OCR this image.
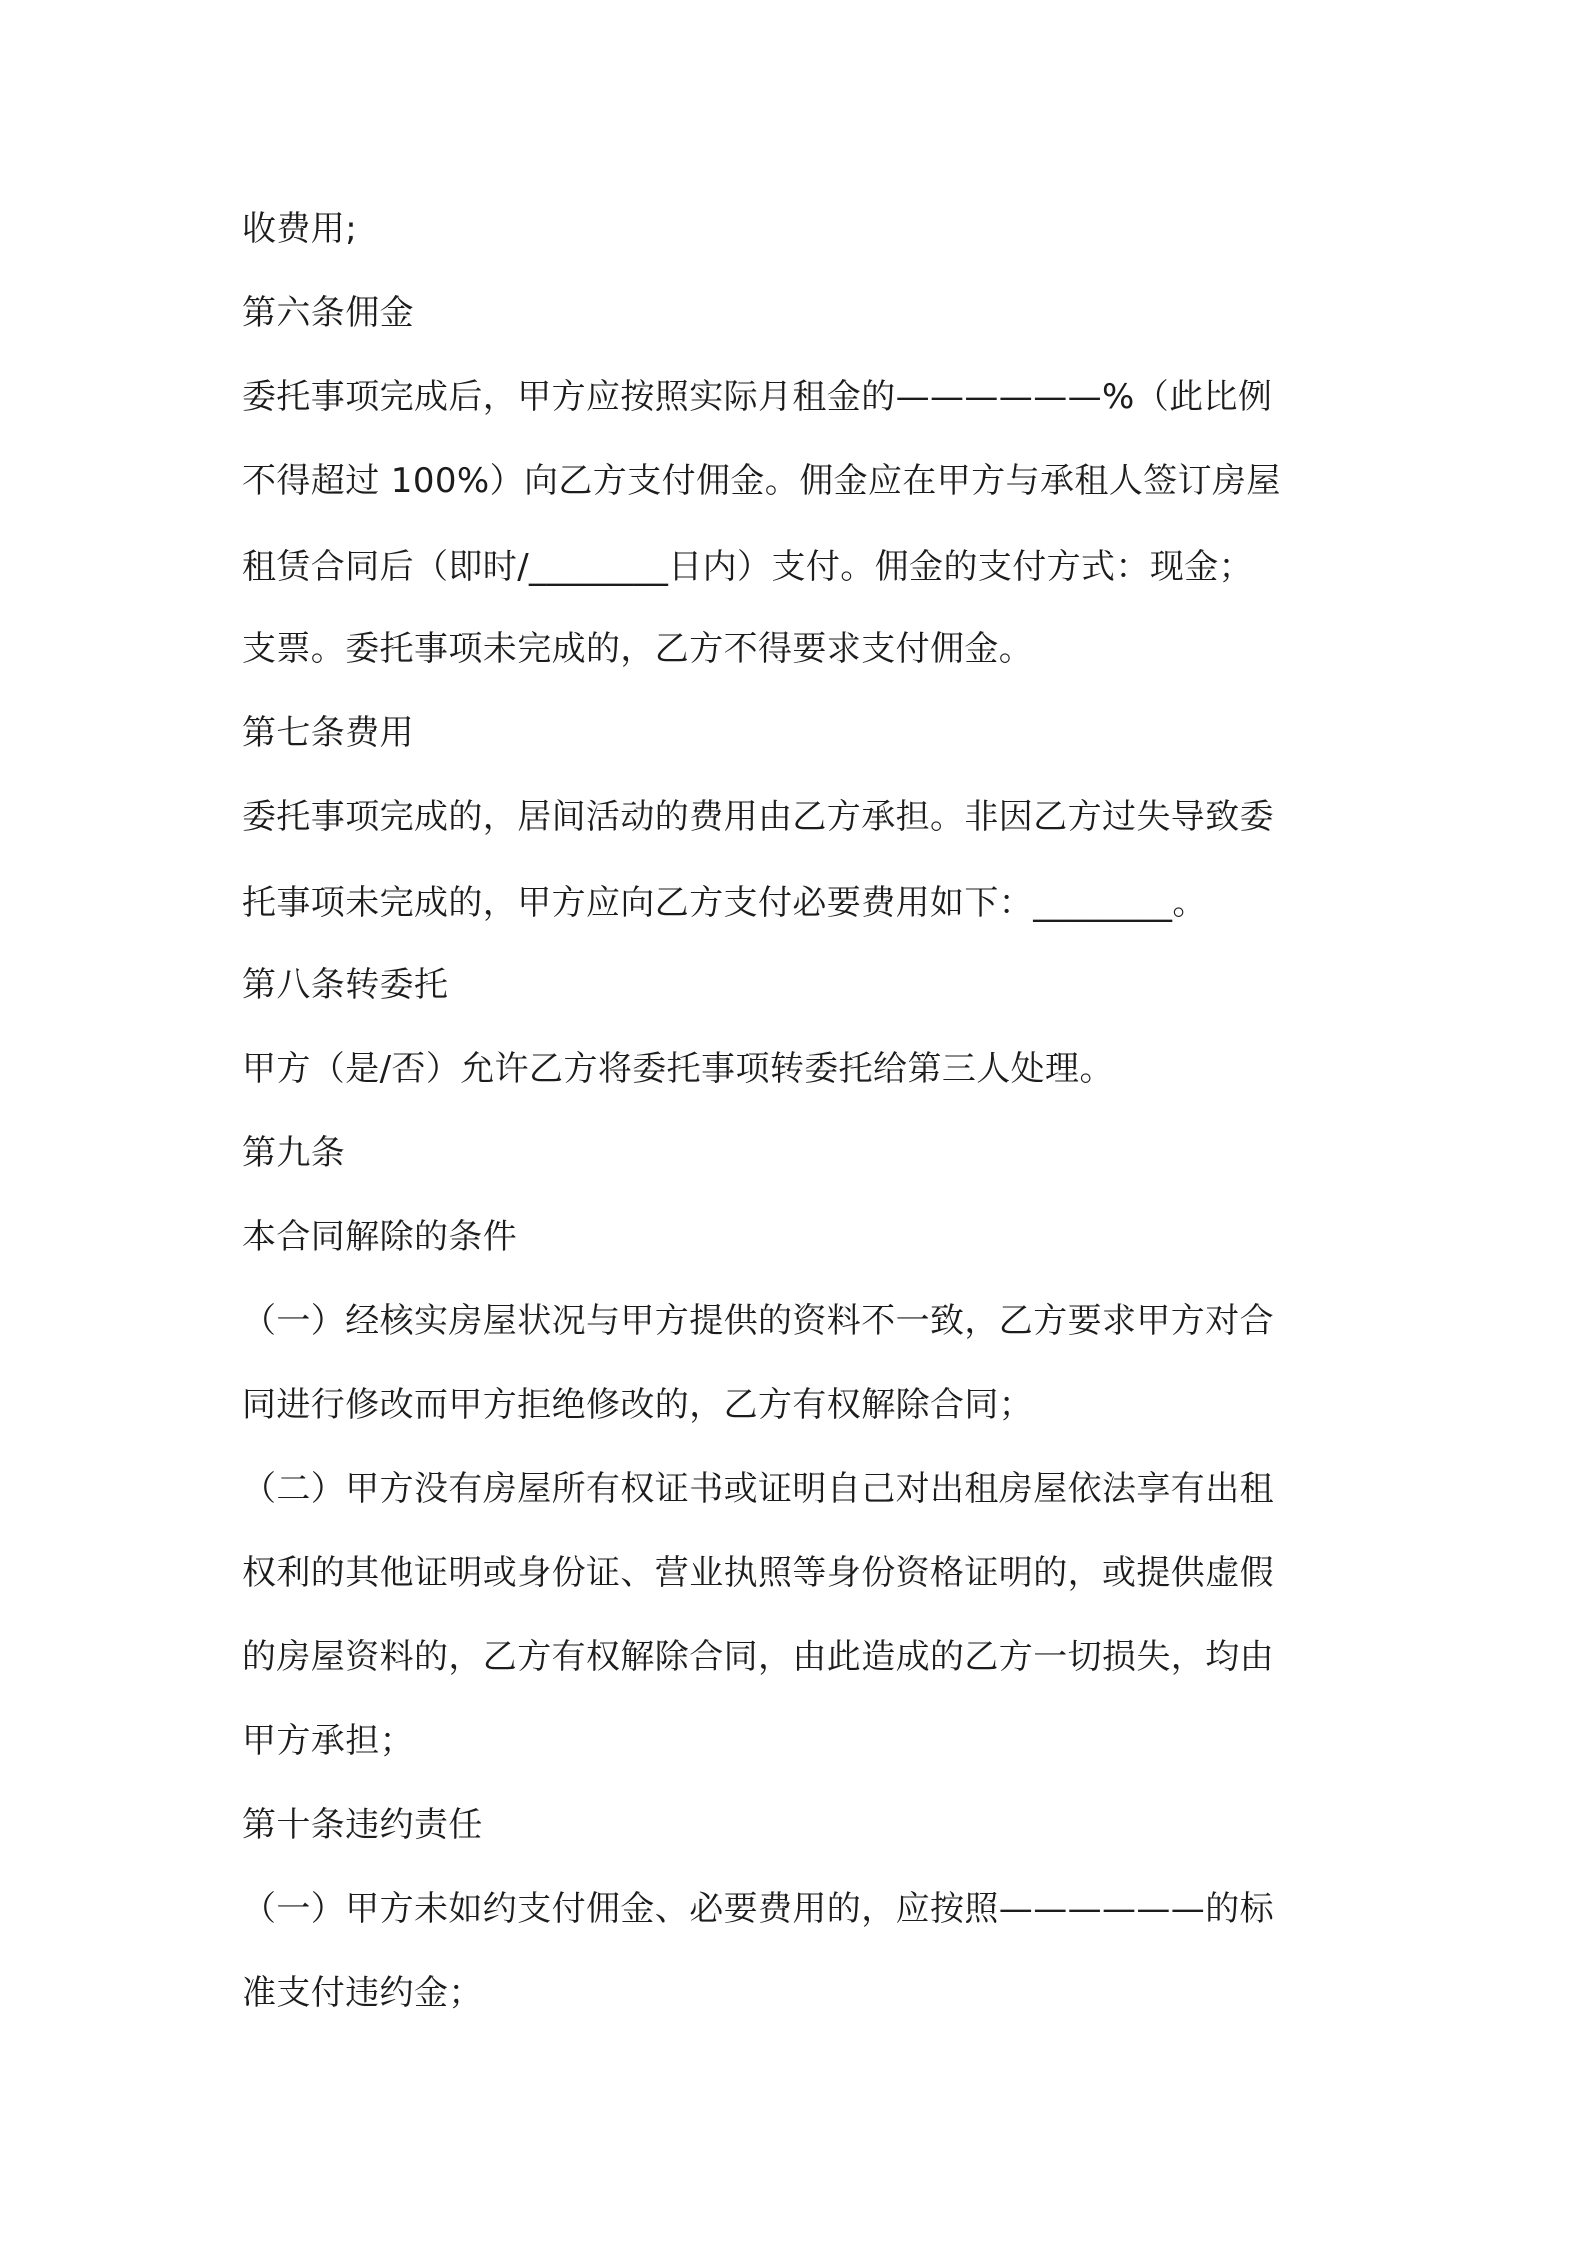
收费用;
第六条佣金
委托事项完成后，甲方应按照实际月租金的——————%（此比例
不得超过 100%）向乙方支付佣金。佣金应在甲方与承租人签订房屋
租赁合同后（即时/________日内）支付。佣金的支付方式：现金；
支票。委托事项未完成的，乙方不得要求支付佣金。
第七条费用
委托事项完成的，居间活动的费用由乙方承担。非因乙方过失导致委
托事项未完成的，甲方应向乙方支付必要费用如下：________。
第八条转委托
甲方（是/否）允许乙方将委托事项转委托给第三人处理。
第九条
本合同解除的条件
（一）经核实房屋状况与甲方提供的资料不一致，乙方要求甲方对合
同进行修改而甲方拒绝修改的，乙方有权解除合同；
（二）甲方没有房屋所有权证书或证明自己对出租房屋依法享有出租
权利的其他证明或身份证、营业执照等身份资格证明的，或提供虚假
的房屋资料的，乙方有权解除合同，由此造成的乙方一切损失，均由
甲方承担；
第十条违约责任
（一）甲方未如约支付佣金、必要费用的，应按照——————的标
准支付违约金；
